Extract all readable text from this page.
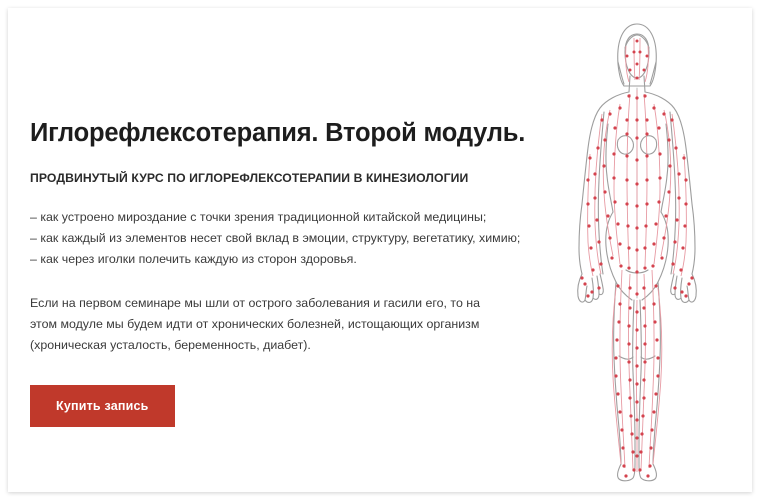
Иглорефлексотерапия. Второй модуль.
ПРОДВИНУТЫЙ КУРС ПО ИГЛОРЕФЛЕКСОТЕРАПИИ В КИНЕЗИОЛОГИИ
– как устроено мироздание с точки зрения традиционной китайской медицины;
– как каждый из элементов несет свой вклад в эмоции, структуру, вегетатику, химию;
– как через иголки полечить каждую из сторон здоровья.
Если на первом семинаре мы шли от острого заболевания и гасили его, то на этом модуле мы будем идти от хронических болезней, истощающих организм (хроническая усталость, беременность, диабет).
Купить запись
